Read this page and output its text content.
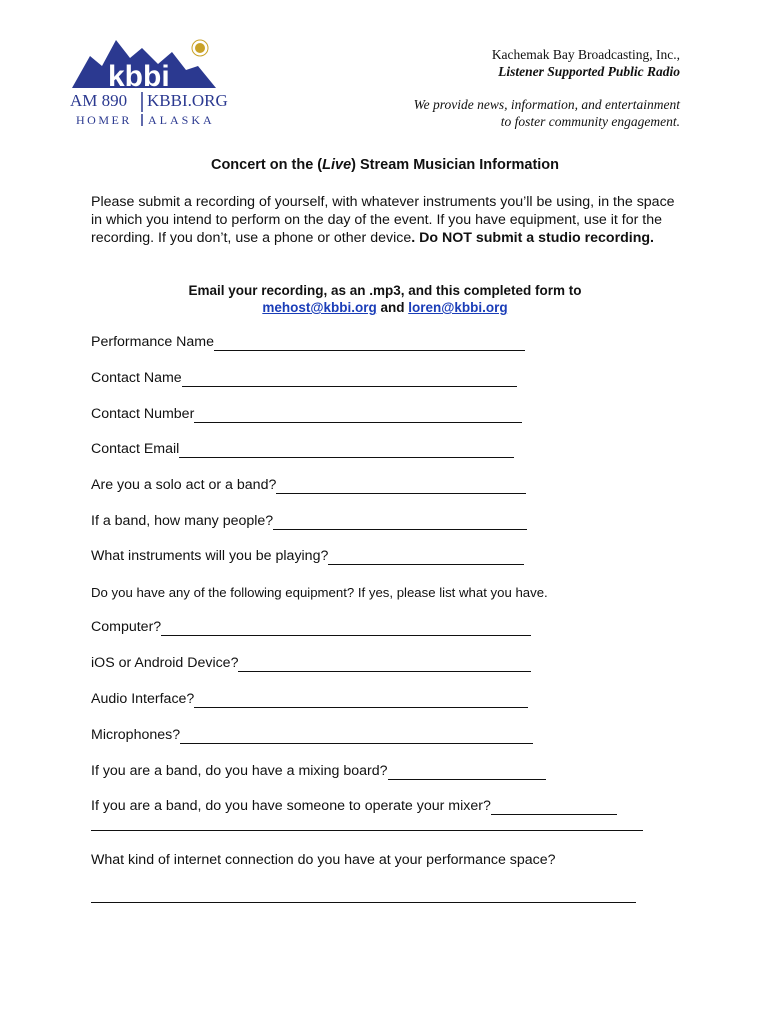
kbbi
AM 890 KBBI.ORG
HOMER ALASKA
Kachemak Bay Broadcasting, Inc.,
Listener Supported Public Radio
We provide news, information, and entertainment
to foster community engagement.
Concert on the (Live) Stream Musician Information
Please submit a recording of yourself, with whatever instruments you’ll be using, in the space in which you intend to perform on the day of the event. If you have equipment, use it for the recording. If you don’t, use a phone or other device. Do NOT submit a studio recording.
Email your recording, as an .mp3, and this completed form to
mehost@kbbi.org and loren@kbbi.org
Performance Name
Contact Name
Contact Number
Contact Email
Are you a solo act or a band?
If a band, how many people?
What instruments will you be playing?
Do you have any of the following equipment? If yes, please list what you have.
Computer?
iOS or Android Device?
Audio Interface?
Microphones?
If you are a band, do you have a mixing board?
If you are a band, do you have someone to operate your mixer?
What kind of internet connection do you have at your performance space?
